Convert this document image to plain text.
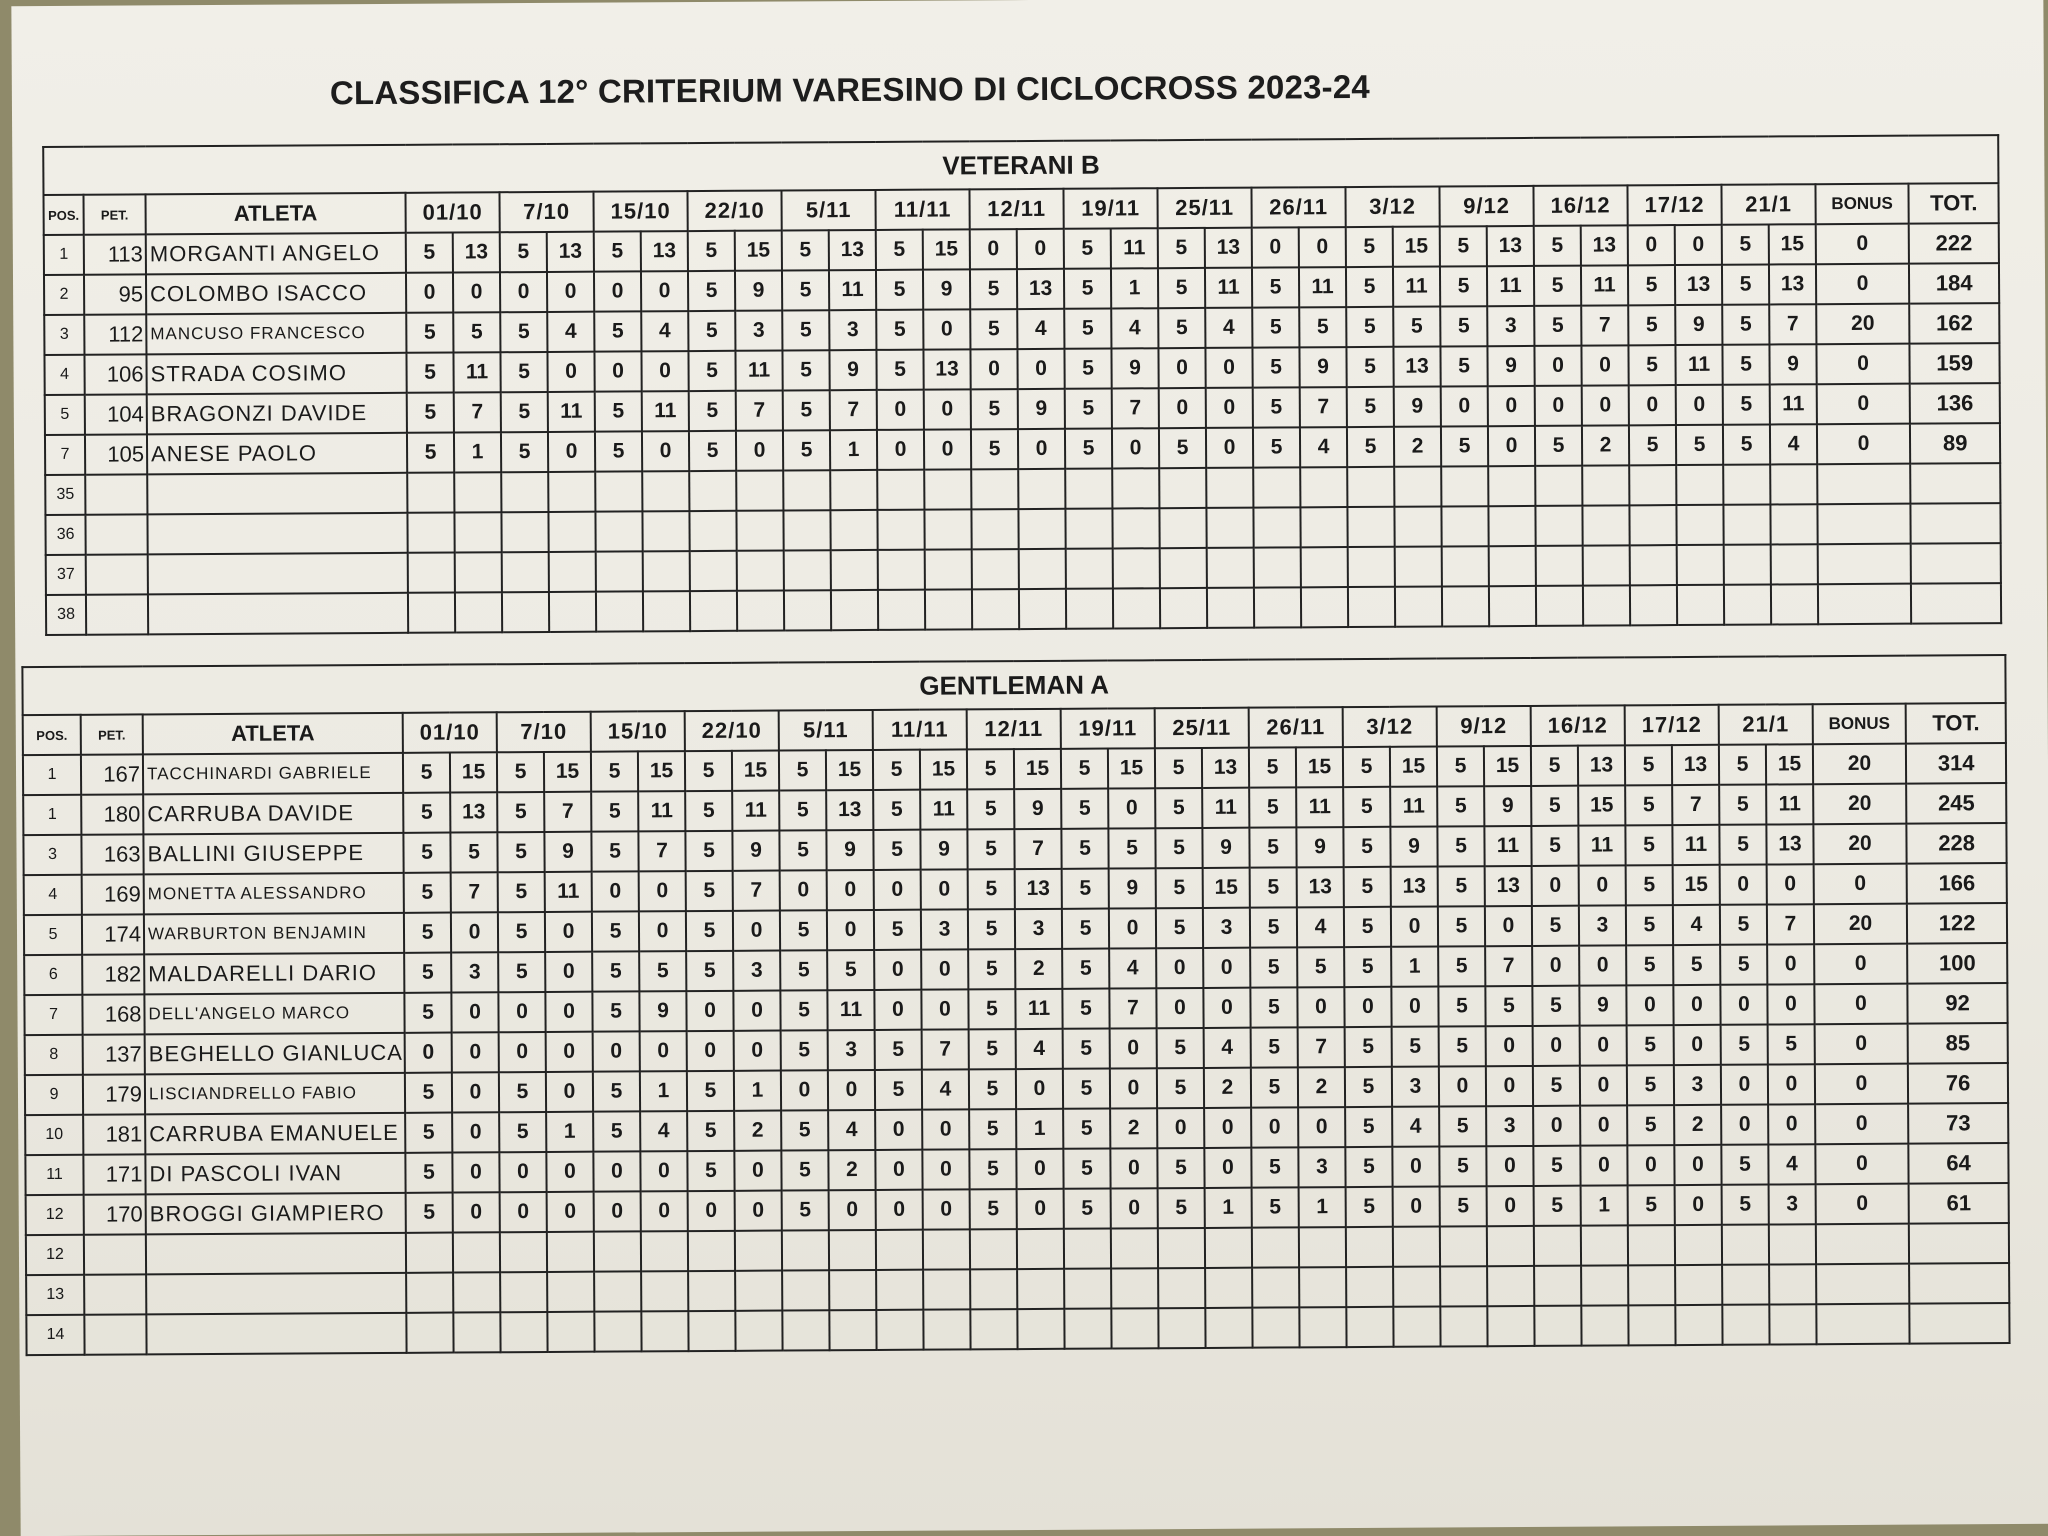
CLASSIFICA 12° CRITERIUM VARESINO DI CICLOCROSS 2023-24
VETERANI B																																		
POS.	PET.	ATLETA	01/10		7/10		15/10		22/10		5/11		11/11		12/11		19/11		25/11		26/11		3/12		9/12		16/12		17/12		21/1		BONUS	TOT.
1	113	MORGANTI ANGELO	5	13	5	13	5	13	5	15	5	13	5	15	0	0	5	11	5	13	0	0	5	15	5	13	5	13	0	0	5	15	0	222
2	95	COLOMBO ISACCO	0	0	0	0	0	0	5	9	5	11	5	9	5	13	5	1	5	11	5	11	5	11	5	11	5	11	5	13	5	13	0	184
3	112	MANCUSO FRANCESCO	5	5	5	4	5	4	5	3	5	3	5	0	5	4	5	4	5	4	5	5	5	5	5	3	5	7	5	9	5	7	20	162
4	106	STRADA COSIMO	5	11	5	0	0	0	5	11	5	9	5	13	0	0	5	9	0	0	5	9	5	13	5	9	0	0	5	11	5	9	0	159
5	104	BRAGONZI DAVIDE	5	7	5	11	5	11	5	7	5	7	0	0	5	9	5	7	0	0	5	7	5	9	0	0	0	0	0	0	5	11	0	136
7	105	ANESE PAOLO	5	1	5	0	5	0	5	0	5	1	0	0	5	0	5	0	5	0	5	4	5	2	5	0	5	2	5	5	5	4	0	89
35																																		
36																																		
37																																		
38																																		
GENTLEMAN A																																		
POS.	PET.	ATLETA	01/10		7/10		15/10		22/10		5/11		11/11		12/11		19/11		25/11		26/11		3/12		9/12		16/12		17/12		21/1		BONUS	TOT.
1	167	TACCHINARDI GABRIELE	5	15	5	15	5	15	5	15	5	15	5	15	5	15	5	15	5	13	5	15	5	15	5	15	5	13	5	13	5	15	20	314
1	180	CARRUBA DAVIDE	5	13	5	7	5	11	5	11	5	13	5	11	5	9	5	0	5	11	5	11	5	11	5	9	5	15	5	7	5	11	20	245
3	163	BALLINI GIUSEPPE	5	5	5	9	5	7	5	9	5	9	5	9	5	7	5	5	5	9	5	9	5	9	5	11	5	11	5	11	5	13	20	228
4	169	MONETTA ALESSANDRO	5	7	5	11	0	0	5	7	0	0	0	0	5	13	5	9	5	15	5	13	5	13	5	13	0	0	5	15	0	0	0	166
5	174	WARBURTON BENJAMIN	5	0	5	0	5	0	5	0	5	0	5	3	5	3	5	0	5	3	5	4	5	0	5	0	5	3	5	4	5	7	20	122
6	182	MALDARELLI DARIO	5	3	5	0	5	5	5	3	5	5	0	0	5	2	5	4	0	0	5	5	5	1	5	7	0	0	5	5	5	0	0	100
7	168	DELL'ANGELO MARCO	5	0	0	0	5	9	0	0	5	11	0	0	5	11	5	7	0	0	5	0	0	0	5	5	5	9	0	0	0	0	0	92
8	137	BEGHELLO GIANLUCA	0	0	0	0	0	0	0	0	5	3	5	7	5	4	5	0	5	4	5	7	5	5	5	0	0	0	5	0	5	5	0	85
9	179	LISCIANDRELLO FABIO	5	0	5	0	5	1	5	1	0	0	5	4	5	0	5	0	5	2	5	2	5	3	0	0	5	0	5	3	0	0	0	76
10	181	CARRUBA EMANUELE	5	0	5	1	5	4	5	2	5	4	0	0	5	1	5	2	0	0	0	0	5	4	5	3	0	0	5	2	0	0	0	73
11	171	DI PASCOLI IVAN	5	0	0	0	0	0	5	0	5	2	0	0	5	0	5	0	5	0	5	3	5	0	5	0	5	0	0	0	5	4	0	64
12	170	BROGGI GIAMPIERO	5	0	0	0	0	0	0	0	5	0	0	0	5	0	5	0	5	1	5	1	5	0	5	0	5	1	5	0	5	3	0	61
12																																		
13																																		
14																																		
